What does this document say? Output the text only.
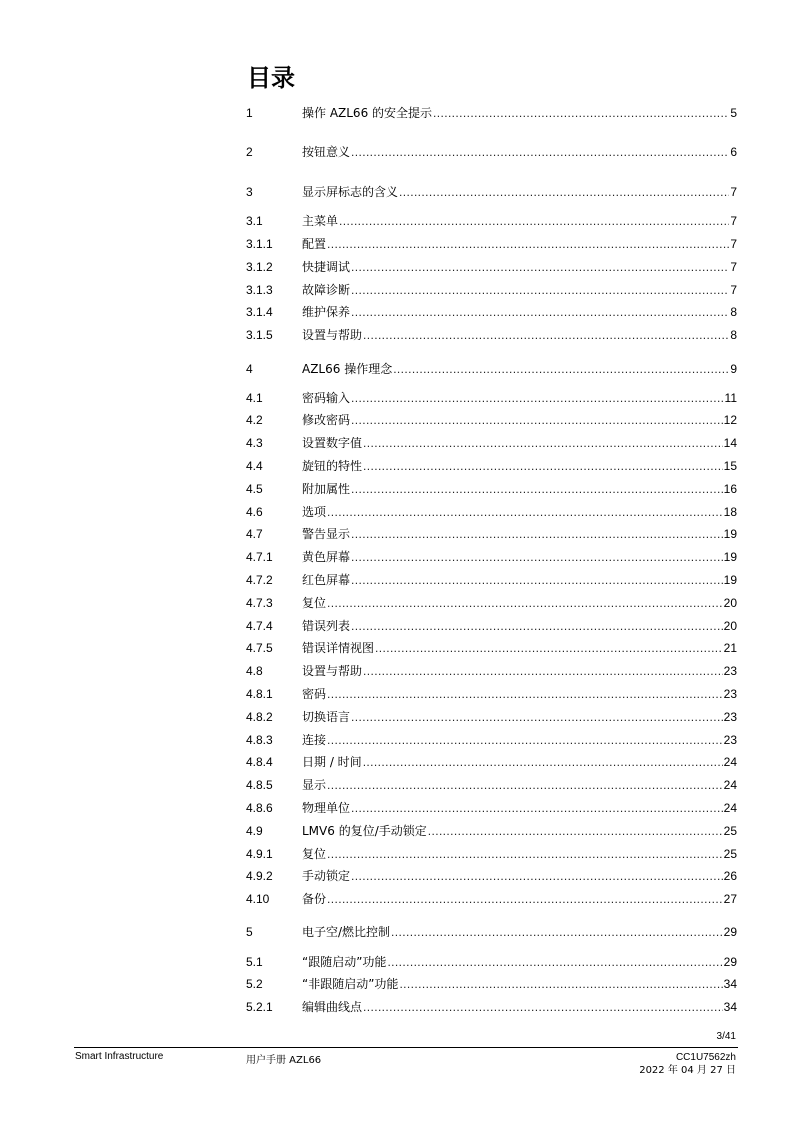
目录
1	操作 AZL66 的安全提示 .....	5
2	按钮意义 .....	6
3	显示屏标志的含义 .....	7
3.1	主菜单 .....	7
3.1.1	配置 .....	7
3.1.2	快捷调试 .....	7
3.1.3	故障诊断 .....	7
3.1.4	维护保养 .....	8
3.1.5	设置与帮助 .....	8
4	AZL66 操作理念 .....	9
4.1	密码输入 .....	11
4.2	修改密码 .....	12
4.3	设置数字值 .....	14
4.4	旋钮的特性 .....	15
4.5	附加属性 .....	16
4.6	选项 .....	18
4.7	警告显示 .....	19
4.7.1	黄色屏幕 .....	19
4.7.2	红色屏幕 .....	19
4.7.3	复位 .....	20
4.7.4	错误列表 .....	20
4.7.5	错误详情视图 .....	21
4.8	设置与帮助 .....	23
4.8.1	密码 .....	23
4.8.2	切换语言 .....	23
4.8.3	连接 .....	23
4.8.4	日期 / 时间 .....	24
4.8.5	显示 .....	24
4.8.6	物理单位 .....	24
4.9	LMV6 的复位/手动锁定 .....	25
4.9.1	复位 .....	25
4.9.2	手动锁定 .....	26
4.10	备份 .....	27
5	电子空/燃比控制 .....	29
5.1	“跟随启动”功能 .....	29
5.2	“非跟随启动”功能 .....	34
5.2.1	编辑曲线点 .....	34
3/41
Smart Infrastructure	用户手册 AZL66	CC1U7562zh
2022 年 04 月 27 日
